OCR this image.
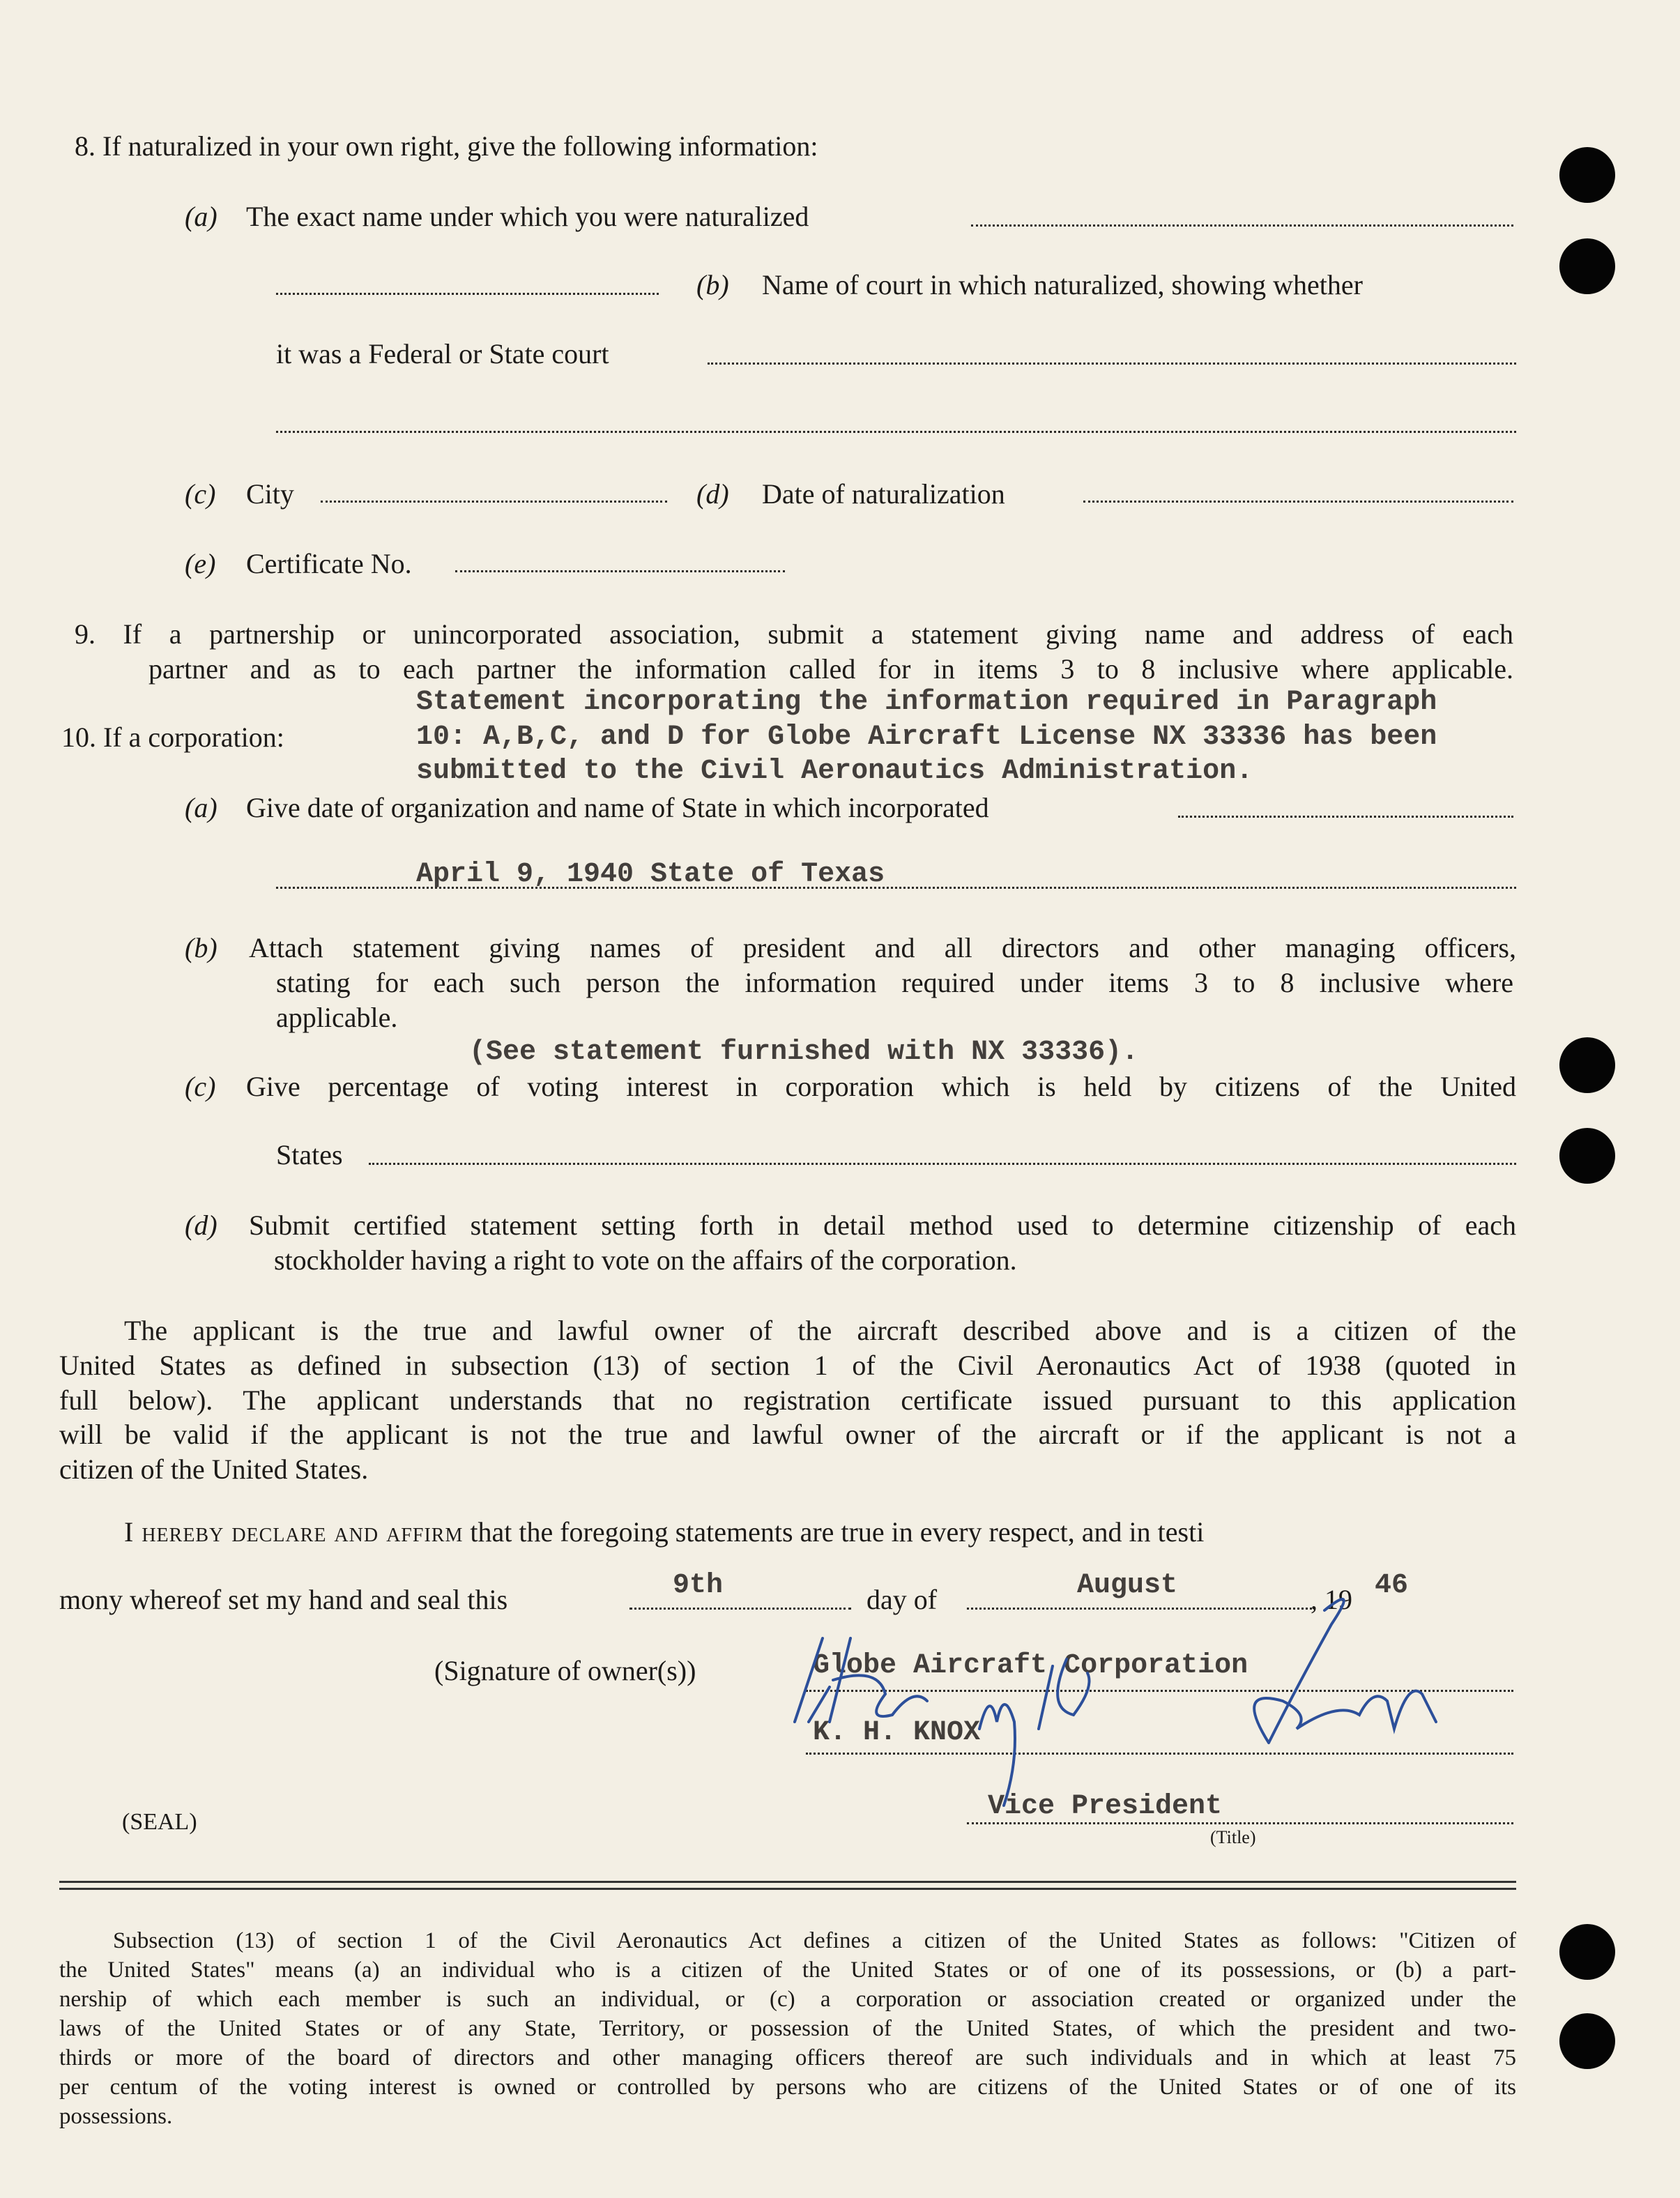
8. If naturalized in your own right, give the following information:
(a) The exact name under which you were naturalized
(b) Name of court in which naturalized, showing whether
it was a Federal or State court
(c) City	(d) Date of naturalization
(e) Certificate No.
9. If a partnership or unincorporated association, submit a statement giving name and address of each
partner and as to each partner the information called for in items 3 to 8 inclusive where applicable.
10. If a corporation:
Statement incorporating the information required in Paragraph
10: A,B,C, and D for Globe Aircraft License NX 33336 has been
submitted to the Civil Aeronautics Administration.
(a) Give date of organization and name of State in which incorporated
April 9, 1940 State of Texas
(b) Attach statement giving names of president and all directors and other managing officers,
stating for each such person the information required under items 3 to 8 inclusive where
applicable.
(See statement furnished with NX 33336).
(c) Give percentage of voting interest in corporation which is held by citizens of the United
States
(d) Submit certified statement setting forth in detail method used to determine citizenship of each
stockholder having a right to vote on the affairs of the corporation.
The applicant is the true and lawful owner of the aircraft described above and is a citizen of the
United States as defined in subsection (13) of section 1 of the Civil Aeronautics Act of 1938 (quoted in
full below). The applicant understands that no registration certificate issued pursuant to this application
will be valid if the applicant is not the true and lawful owner of the aircraft or if the applicant is not a
citizen of the United States.
I hereby declare and affirm that the foregoing statements are true in every respect, and in testi
mony whereof set my hand and seal this	9th	day of	August	, 19 46
(Signature of owner(s))	Globe Aircraft Corporation
K. H. KNOX
Vice President
(Title)
(SEAL)
Subsection (13) of section 1 of the Civil Aeronautics Act defines a citizen of the United States as follows: "Citizen of
the United States" means (a) an individual who is a citizen of the United States or of one of its possessions, or (b) a part-
nership of which each member is such an individual, or (c) a corporation or association created or organized under the
laws of the United States or of any State, Territory, or possession of the United States, of which the president and two-
thirds or more of the board of directors and other managing officers thereof are such individuals and in which at least 75
per centum of the voting interest is owned or controlled by persons who are citizens of the United States or of one of its
possessions.
